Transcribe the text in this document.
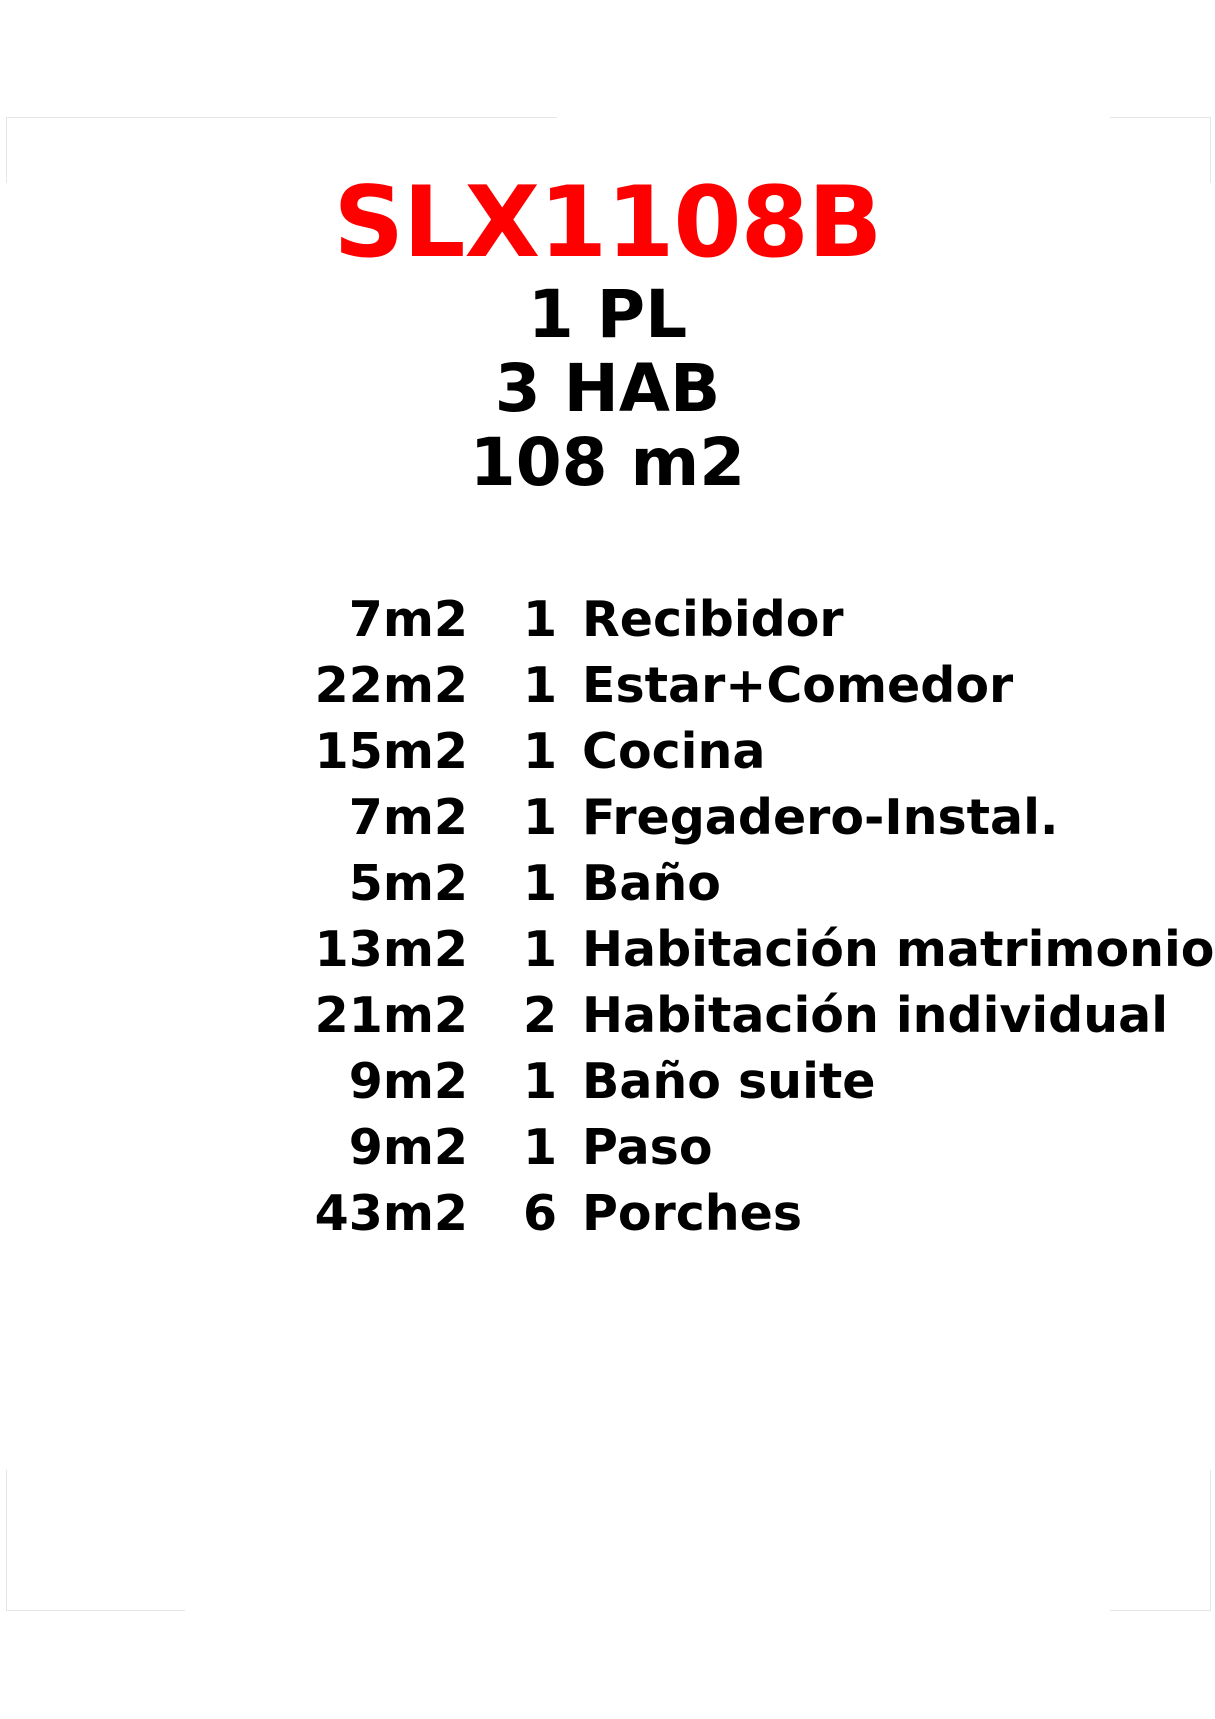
SLX1108B
1 PL
3 HAB
108 m2
7m2 1 Recibidor
22m2 1 Estar+Comedor
15m2 1 Cocina
7m2 1 Fregadero-Instal.
5m2 1 Baño
13m2 1 Habitación matrimonio
21m2 2 Habitación individual
9m2 1 Baño suite
9m2 1 Paso
43m2 6 Porches
